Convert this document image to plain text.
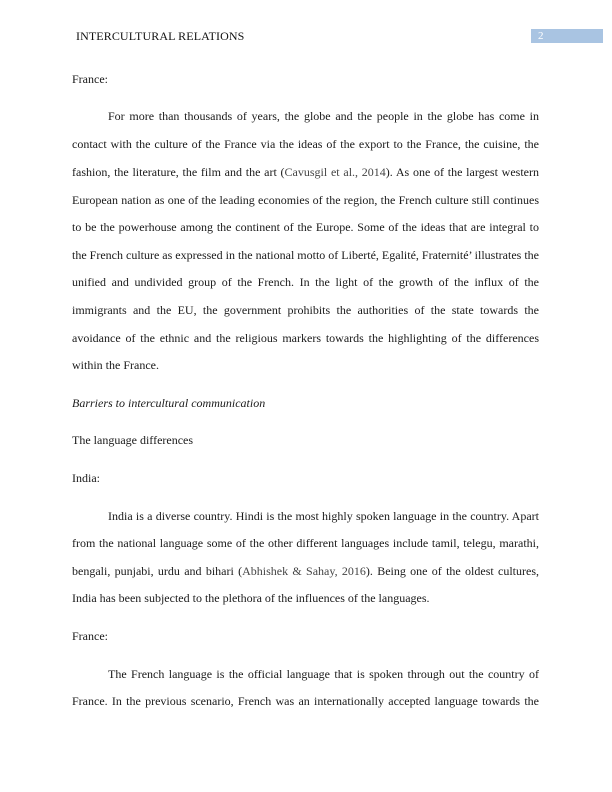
INTERCULTURAL RELATIONS	2
France:
For more than thousands of years, the globe and the people in the globe has come in
contact with the culture of the France via the ideas of the export to the France, the cuisine, the
fashion, the literature, the film and the art (Cavusgil et al., 2014). As one of the largest western
European nation as one of the leading economies of the region, the French culture still continues
to be the powerhouse among the continent of the Europe. Some of the ideas that are integral to
the French culture as expressed in the national motto of Liberté, Egalité, Fraternité’ illustrates the
unified and undivided group of the French. In the light of the growth of the influx of the
immigrants and the EU, the government prohibits the authorities of the state towards the
avoidance of the ethnic and the religious markers towards the highlighting of the differences
within the France.
Barriers to intercultural communication
The language differences
India:
India is a diverse country. Hindi is the most highly spoken language in the country. Apart
from the national language some of the other different languages include tamil, telegu, marathi,
bengali, punjabi, urdu and bihari (Abhishek & Sahay, 2016). Being one of the oldest cultures,
India has been subjected to the plethora of the influences of the languages.
France:
The French language is the official language that is spoken through out the country of
France. In the previous scenario, French was an internationally accepted language towards the
